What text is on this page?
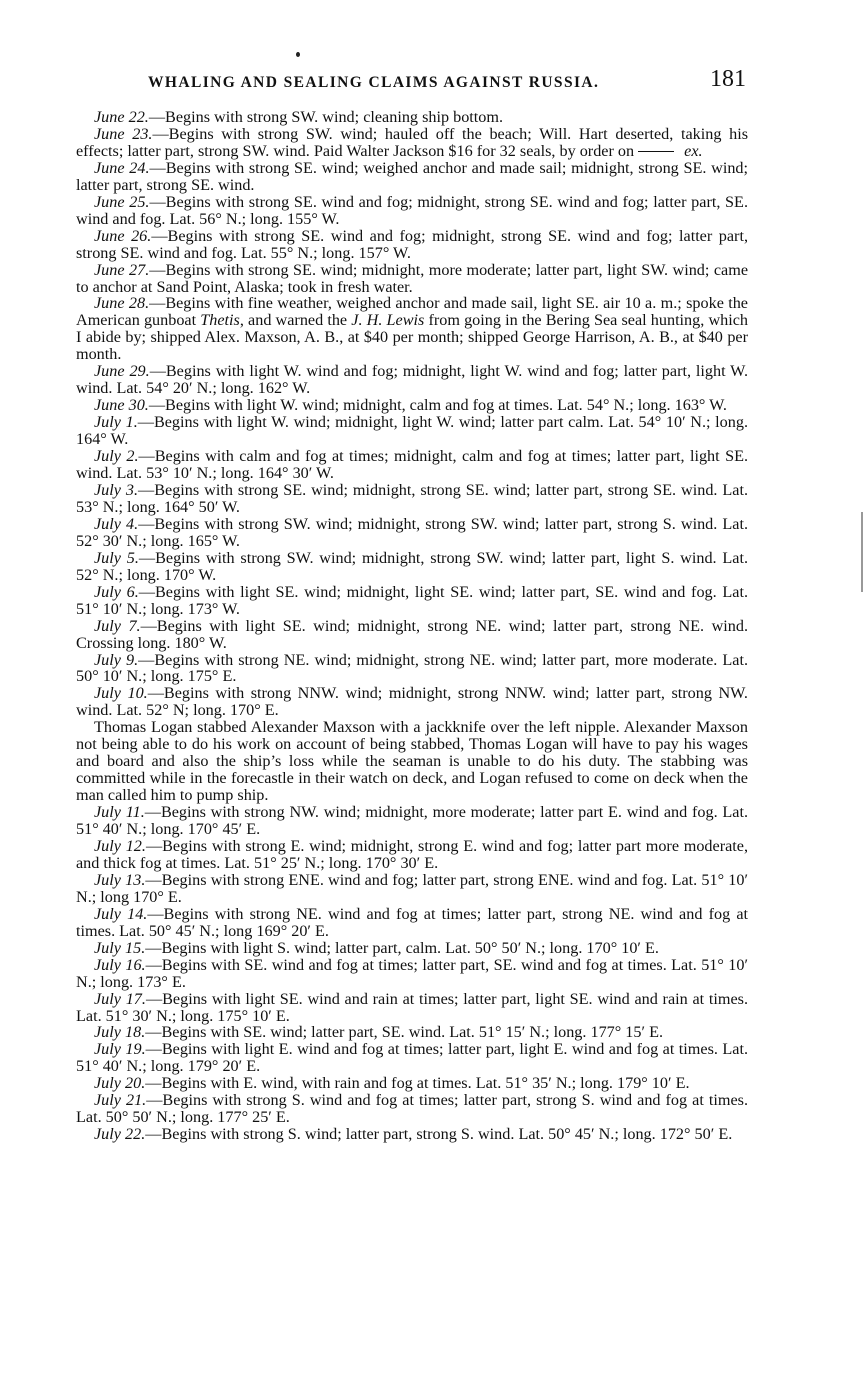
WHALING AND SEALING CLAIMS AGAINST RUSSIA.	181

June 22.—Begins with strong SW. wind; cleaning ship bottom.

June 23.—Begins with strong SW. wind; hauled off the beach; Will. Hart deserted, taking his effects; latter part, strong SW. wind. Paid Walter Jackson $16 for 32 seals, by order on	ex.

June 24.—Begins with strong SE. wind; weighed anchor and made sail; midnight, strong SE. wind; latter part, strong SE. wind.

June 25.—Begins with strong SE. wind and fog; midnight, strong SE. wind and fog; latter part, SE. wind and fog. Lat. 56° N.; long. 155° W.

June 26.—Begins with strong SE. wind and fog; midnight, strong SE. wind and fog; latter part, strong SE. wind and fog. Lat. 55° N.; long. 157° W.

June 27.—Begins with strong SE. wind; midnight, more moderate; latter part, light SW. wind; came to anchor at Sand Point, Alaska; took in fresh water.

June 28.—Begins with fine weather, weighed anchor and made sail, light SE. air 10 a. m.; spoke the American gunboat Thetis, and warned the J. H. Lewis from going in the Bering Sea seal hunting, which I abide by; shipped Alex. Maxson, A. B., at $40 per month; shipped George Harrison, A. B., at $40 per month.

June 29.—Begins with light W. wind and fog; midnight, light W. wind and fog; latter part, light W. wind. Lat. 54° 20′ N.; long. 162° W.

June 30.—Begins with light W. wind; midnight, calm and fog at times. Lat. 54° N.; long. 163° W.

July 1.—Begins with light W. wind; midnight, light W. wind; latter part calm. Lat. 54° 10′ N.; long. 164° W.

July 2.—Begins with calm and fog at times; midnight, calm and fog at times; latter part, light SE. wind. Lat. 53° 10′ N.; long. 164° 30′ W.

July 3.—Begins with strong SE. wind; midnight, strong SE. wind; latter part, strong SE. wind. Lat. 53° N.; long. 164° 50′ W.

July 4.—Begins with strong SW. wind; midnight, strong SW. wind; latter part, strong S. wind. Lat. 52° 30′ N.; long. 165° W.

July 5.—Begins with strong SW. wind; midnight, strong SW. wind; latter part, light S. wind. Lat. 52° N.; long. 170° W.

July 6.—Begins with light SE. wind; midnight, light SE. wind; latter part, SE. wind and fog. Lat. 51° 10′ N.; long. 173° W.

July 7.—Begins with light SE. wind; midnight, strong NE. wind; latter part, strong NE. wind. Crossing long. 180° W.

July 9.—Begins with strong NE. wind; midnight, strong NE. wind; latter part, more moderate. Lat. 50° 10′ N.; long. 175° E.

July 10.—Begins with strong NNW. wind; midnight, strong NNW. wind; latter part, strong NW. wind. Lat. 52° N; long. 170° E.

Thomas Logan stabbed Alexander Maxson with a jackknife over the left nipple. Alexander Maxson not being able to do his work on account of being stabbed, Thomas Logan will have to pay his wages and board and also the ship’s loss while the seaman is unable to do his duty. The stabbing was committed while in the forecastle in their watch on deck, and Logan refused to come on deck when the man called him to pump ship.

July 11.—Begins with strong NW. wind; midnight, more moderate; latter part E. wind and fog. Lat. 51° 40′ N.; long. 170° 45′ E.

July 12.—Begins with strong E. wind; midnight, strong E. wind and fog; latter part more moderate, and thick fog at times. Lat. 51° 25′ N.; long. 170° 30′ E.

July 13.—Begins with strong ENE. wind and fog; latter part, strong ENE. wind and fog. Lat. 51° 10′ N.; long 170° E.

July 14.—Begins with strong NE. wind and fog at times; latter part, strong NE. wind and fog at times. Lat. 50° 45′ N.; long 169° 20′ E.

July 15.—Begins with light S. wind; latter part, calm. Lat. 50° 50′ N.; long. 170° 10′ E.

July 16.—Begins with SE. wind and fog at times; latter part, SE. wind and fog at times. Lat. 51° 10′ N.; long. 173° E.

July 17.—Begins with light SE. wind and rain at times; latter part, light SE. wind and rain at times. Lat. 51° 30′ N.; long. 175° 10′ E.

July 18.—Begins with SE. wind; latter part, SE. wind. Lat. 51° 15′ N.; long. 177° 15′ E.

July 19.—Begins with light E. wind and fog at times; latter part, light E. wind and fog at times. Lat. 51° 40′ N.; long. 179° 20′ E.

July 20.—Begins with E. wind, with rain and fog at times. Lat. 51° 35′ N.; long. 179° 10′ E.

July 21.—Begins with strong S. wind and fog at times; latter part, strong S. wind and fog at times. Lat. 50° 50′ N.; long. 177° 25′ E.

July 22.—Begins with strong S. wind; latter part, strong S. wind. Lat. 50° 45′ N.; long. 172° 50′ E.
